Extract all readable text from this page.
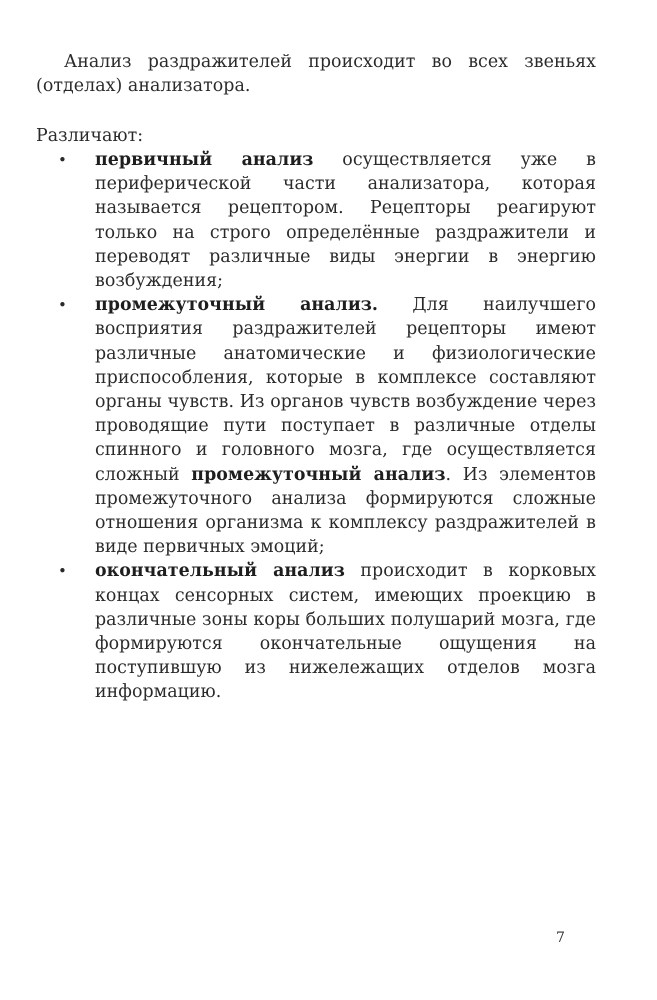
Анализ раздражителей происходит во всех звеньях (отделах) анализатора.

Различают:

• первичный анализ осуществляется уже в периферической части анализатора, которая называется рецептором. Рецепторы реагируют только на строго определённые раздражители и переводят различные виды энергии в энергию возбуждения;
• промежуточный анализ. Для наилучшего восприятия раздражителей рецепторы имеют различные анатомические и физиологические приспособления, которые в комплексе составляют органы чувств. Из органов чувств возбуждение через проводящие пути поступает в различные отделы спинного и головного мозга, где осуществляется сложный промежуточный анализ. Из элементов промежуточного анализа формируются сложные отношения организма к комплексу раздражителей в виде первичных эмоций;
• окончательный анализ происходит в корковых концах сенсорных систем, имеющих проекцию в различные зоны коры больших полушарий мозга, где формируются окончательные ощущения на поступившую из нижележащих отделов мозга информацию.
7
